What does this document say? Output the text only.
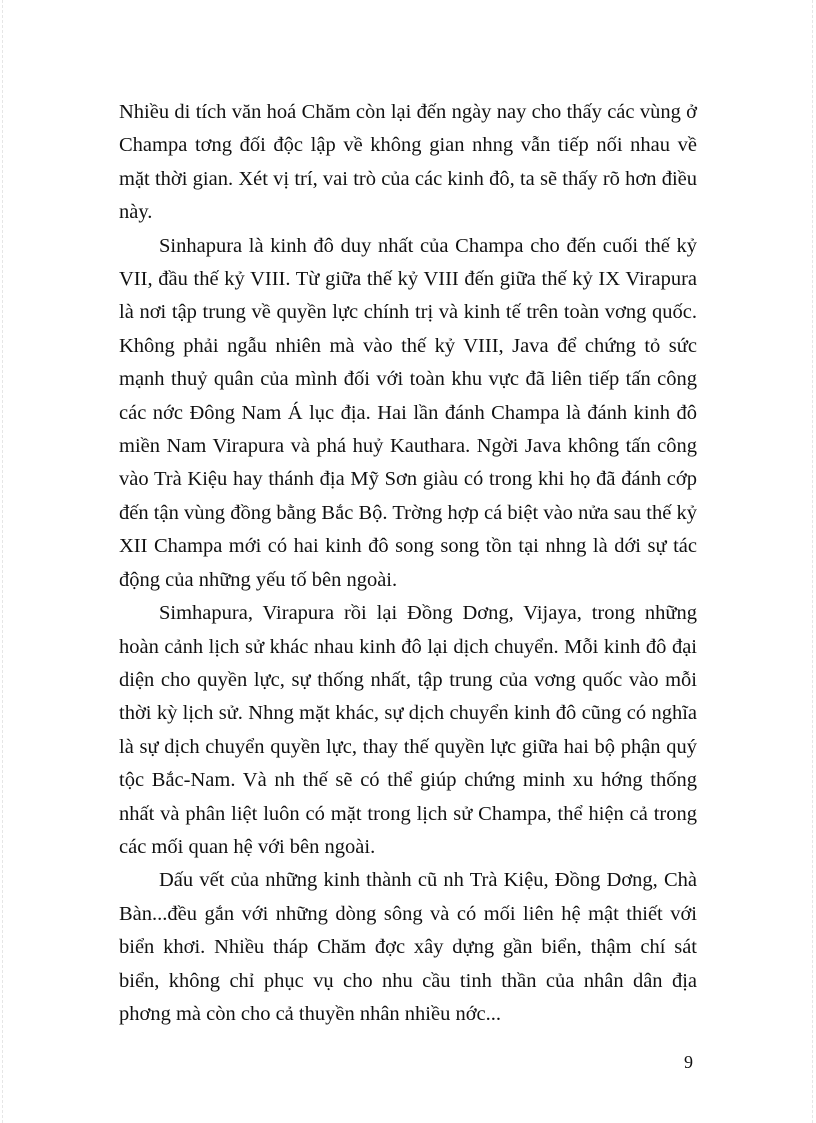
Nhiều di tích văn hoá Chăm còn lại đến ngày nay cho thấy các vùng ở Champa tơng đối độc lập về không gian nhng vẫn tiếp nối nhau về mặt thời gian. Xét vị trí, vai trò của các kinh đô, ta sẽ thấy rõ hơn điều này.

Sinhapura là kinh đô duy nhất của Champa cho đến cuối thế kỷ VII, đầu thế kỷ VIII. Từ giữa thế kỷ VIII đến giữa thế kỷ IX Virapura là nơi tập trung về quyền lực chính trị và kinh tế trên toàn vơng quốc. Không phải ngẫu nhiên mà vào thế kỷ VIII, Java để chứng tỏ sức mạnh thuỷ quân của mình đối với toàn khu vực đã liên tiếp tấn công các nớc Đông Nam Á lục địa. Hai lần đánh Champa là đánh kinh đô miền Nam Virapura và phá huỷ Kauthara. Ngời Java không tấn công vào Trà Kiệu hay thánh địa Mỹ Sơn giàu có trong khi họ đã đánh cớp đến tận vùng đồng bằng Bắc Bộ. Trờng hợp cá biệt vào nửa sau thế kỷ XII Champa mới có hai kinh đô song song tồn tại nhng là dới sự tác động của những yếu tố bên ngoài.

Simhapura, Virapura rồi lại Đồng Dơng, Vijaya, trong những hoàn cảnh lịch sử khác nhau kinh đô lại dịch chuyển. Mỗi kinh đô đại diện cho quyền lực, sự thống nhất, tập trung của vơng quốc vào mỗi thời kỳ lịch sử. Nhng mặt khác, sự dịch chuyển kinh đô cũng có nghĩa là sự dịch chuyển quyền lực, thay thế quyền lực giữa hai bộ phận quý tộc Bắc-Nam. Và nh thế sẽ có thể giúp chứng minh xu hớng thống nhất và phân liệt luôn có mặt trong lịch sử Champa, thể hiện cả trong các mối quan hệ với bên ngoài.

Dấu vết của những kinh thành cũ nh Trà Kiệu, Đồng Dơng, Chà Bàn...đều gắn với những dòng sông và có mối liên hệ mật thiết với biển khơi. Nhiều tháp Chăm đợc xây dựng gần biển, thậm chí sát biển, không chỉ phục vụ cho nhu cầu tinh thần của nhân dân địa phơng mà còn cho cả thuyền nhân nhiều nớc...

9
